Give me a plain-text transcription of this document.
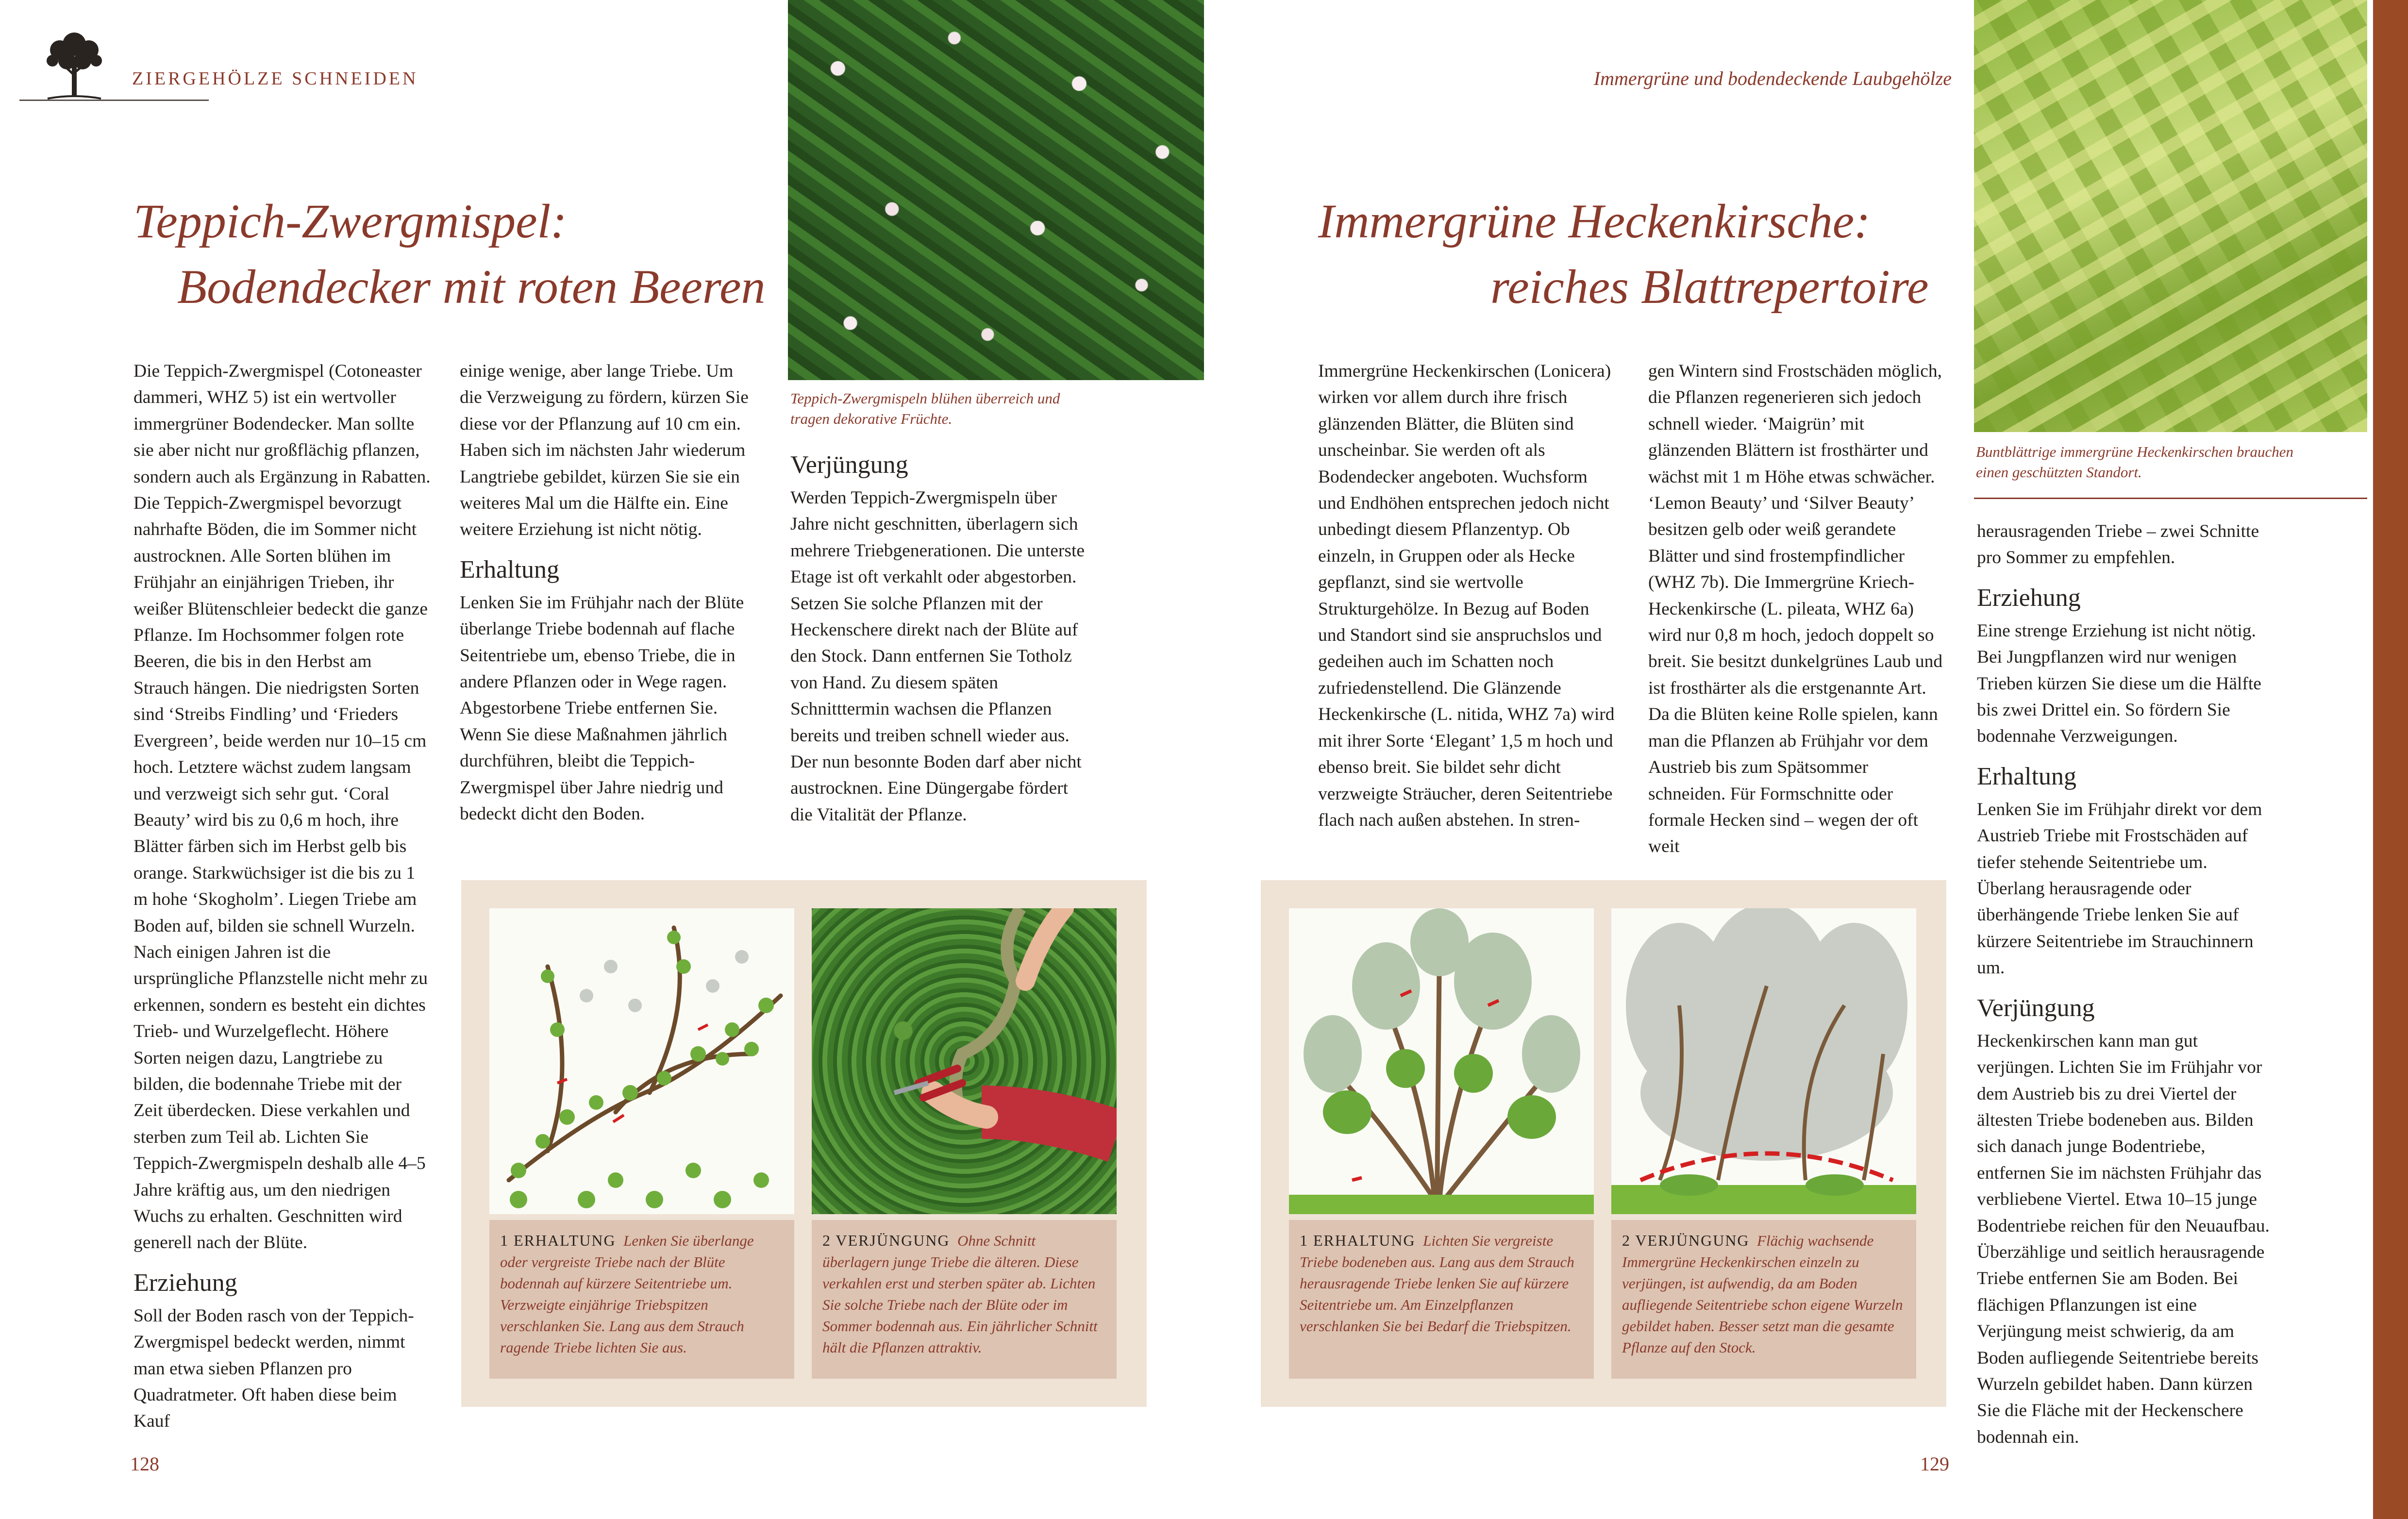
ZIERGEHÖLZE SCHNEIDEN
Teppich-Zwergmispel:
Bodendecker mit roten Beeren
Teppich-Zwergmispeln blühen überreich und tragen dekorative Früchte.

Die Teppich-Zwergmispel (Cotoneaster dammeri, WHZ 5) ist ein wertvoller immergrüner Bodendecker. Man sollte sie aber nicht nur großflächig pflanzen, sondern auch als Ergänzung in Rabatten. Die Teppich-Zwergmispel bevorzugt nahrhafte Böden, die im Sommer nicht austrocknen. Alle Sorten blühen im Frühjahr an einjährigen Trieben, ihr weißer Blütenschleier bedeckt die ganze Pflanze. Im Hochsommer folgen rote Beeren, die bis in den Herbst am Strauch hängen. Die niedrigsten Sorten sind ‘Streibs Findling’ und ‘Frieders Evergreen’, beide werden nur 10–15 cm hoch. Letztere wächst zudem langsam und verzweigt sich sehr gut. ‘Coral Beauty’ wird bis zu 0,6 m hoch, ihre Blätter färben sich im Herbst gelb bis orange. Starkwüchsiger ist die bis zu 1 m hohe ‘Skogholm’. Liegen Triebe am Boden auf, bilden sie schnell Wurzeln. Nach einigen Jahren ist die ursprüngliche Pflanzstelle nicht mehr zu erkennen, sondern es besteht ein dichtes Trieb- und Wurzelgeflecht. Höhere Sorten neigen dazu, Langtriebe zu bilden, die bodennahe Triebe mit der Zeit überdecken. Diese verkahlen und sterben zum Teil ab. Lichten Sie Teppich-Zwergmispeln deshalb alle 4–5 Jahre kräftig aus, um den niedrigen Wuchs zu erhalten. Geschnitten wird generell nach der Blüte.

Erziehung

Soll der Boden rasch von der Teppich-Zwergmispel bedeckt werden, nimmt man etwa sieben Pflanzen pro Quadratmeter. Oft haben diese beim Kauf

einige wenige, aber lange Triebe. Um die Verzweigung zu fördern, kürzen Sie diese vor der Pflanzung auf 10 cm ein. Haben sich im nächsten Jahr wiederum Langtriebe gebildet, kürzen Sie sie ein weiteres Mal um die Hälfte ein. Eine weitere Erziehung ist nicht nötig.

Erhaltung

Lenken Sie im Frühjahr nach der Blüte überlange Triebe bodennah auf flache Seitentriebe um, ebenso Triebe, die in andere Pflanzen oder in Wege ragen. Abgestorbene Triebe entfernen Sie. Wenn Sie diese Maßnahmen jährlich durchführen, bleibt die Teppich-Zwergmispel über Jahre niedrig und bedeckt dicht den Boden.

Verjüngung

Werden Teppich-Zwergmispeln über Jahre nicht geschnitten, überlagern sich mehrere Triebgenerationen. Die unterste Etage ist oft verkahlt oder abgestorben. Setzen Sie solche Pflanzen mit der Heckenschere direkt nach der Blüte auf den Stock. Dann entfernen Sie Totholz von Hand. Zu diesem späten Schnitttermin wachsen die Pflanzen bereits und treiben schnell wieder aus. Der nun besonnte Boden darf aber nicht austrocknen. Eine Düngergabe fördert die Vitalität der Pflanze.

1 ERHALTUNG Lenken Sie überlange oder vergreiste Triebe nach der Blüte bodennah auf kürzere Seitentriebe um. Verzweigte einjährige Triebspitzen verschlanken Sie. Lang aus dem Strauch ragende Triebe lichten Sie aus.
2 VERJÜNGUNG Ohne Schnitt überlagern junge Triebe die älteren. Diese verkahlen erst und sterben später ab. Lichten Sie solche Triebe nach der Blüte oder im Sommer bodennah aus. Ein jährlicher Schnitt hält die Pflanzen attraktiv.
128
Immergrüne und bodendeckende Laubgehölze
Immergrüne Heckenkirsche:
reiches Blattrepertoire
Buntblättrige immergrüne Heckenkirschen brauchen einen geschützten Standort.

Immergrüne Heckenkirschen (Lonicera) wirken vor allem durch ihre frisch glänzenden Blätter, die Blüten sind unscheinbar. Sie werden oft als Bodendecker angeboten. Wuchsform und Endhöhen entsprechen jedoch nicht unbedingt diesem Pflanzentyp. Ob einzeln, in Gruppen oder als Hecke gepflanzt, sind sie wertvolle Strukturgehölze. In Bezug auf Boden und Standort sind sie anspruchslos und gedeihen auch im Schatten noch zufriedenstellend. Die Glänzende Heckenkirsche (L. nitida, WHZ 7a) wird mit ihrer Sorte ‘Elegant’ 1,5 m hoch und ebenso breit. Sie bildet sehr dicht verzweigte Sträucher, deren Seitentriebe flach nach außen abstehen. In stren-

gen Wintern sind Frostschäden möglich, die Pflanzen regenerieren sich jedoch schnell wieder. ‘Maigrün’ mit glänzenden Blättern ist frosthärter und wächst mit 1 m Höhe etwas schwächer. ‘Lemon Beauty’ und ‘Silver Beauty’ besitzen gelb oder weiß gerandete Blätter und sind frostempfindlicher (WHZ 7b). Die Immergrüne Kriech-Heckenkirsche (L. pileata, WHZ 6a) wird nur 0,8 m hoch, jedoch doppelt so breit. Sie besitzt dunkelgrünes Laub und ist frosthärter als die erstgenannte Art. Da die Blüten keine Rolle spielen, kann man die Pflanzen ab Frühjahr vor dem Austrieb bis zum Spätsommer schneiden. Für Formschnitte oder formale Hecken sind – wegen der oft weit

herausragenden Triebe – zwei Schnitte pro Sommer zu empfehlen.

Erziehung

Eine strenge Erziehung ist nicht nötig. Bei Jungpflanzen wird nur wenigen Trieben kürzen Sie diese um die Hälfte bis zwei Drittel ein. So fördern Sie bodennahe Verzweigungen.

Erhaltung

Lenken Sie im Frühjahr direkt vor dem Austrieb Triebe mit Frostschäden auf tiefer stehende Seitentriebe um. Überlang herausragende oder überhängende Triebe lenken Sie auf kürzere Seitentriebe im Strauchinnern um.

Verjüngung

Heckenkirschen kann man gut verjüngen. Lichten Sie im Frühjahr vor dem Austrieb bis zu drei Viertel der ältesten Triebe bodeneben aus. Bilden sich danach junge Bodentriebe, entfernen Sie im nächsten Frühjahr das verbliebene Viertel. Etwa 10–15 junge Bodentriebe reichen für den Neuaufbau. Überzählige und seitlich herausragende Triebe entfernen Sie am Boden. Bei flächigen Pflanzungen ist eine Verjüngung meist schwierig, da am Boden aufliegende Seitentriebe bereits Wurzeln gebildet haben. Dann kürzen Sie die Fläche mit der Heckenschere bodennah ein.

1 ERHALTUNG Lichten Sie vergreiste Triebe bodeneben aus. Lang aus dem Strauch herausragende Triebe lenken Sie auf kürzere Seitentriebe um. Am Einzelpflanzen verschlanken Sie bei Bedarf die Triebspitzen.
2 VERJÜNGUNG Flächig wachsende Immergrüne Heckenkirschen einzeln zu verjüngen, ist aufwendig, da am Boden aufliegende Seitentriebe schon eigene Wurzeln gebildet haben. Besser setzt man die gesamte Pflanze auf den Stock.
129
